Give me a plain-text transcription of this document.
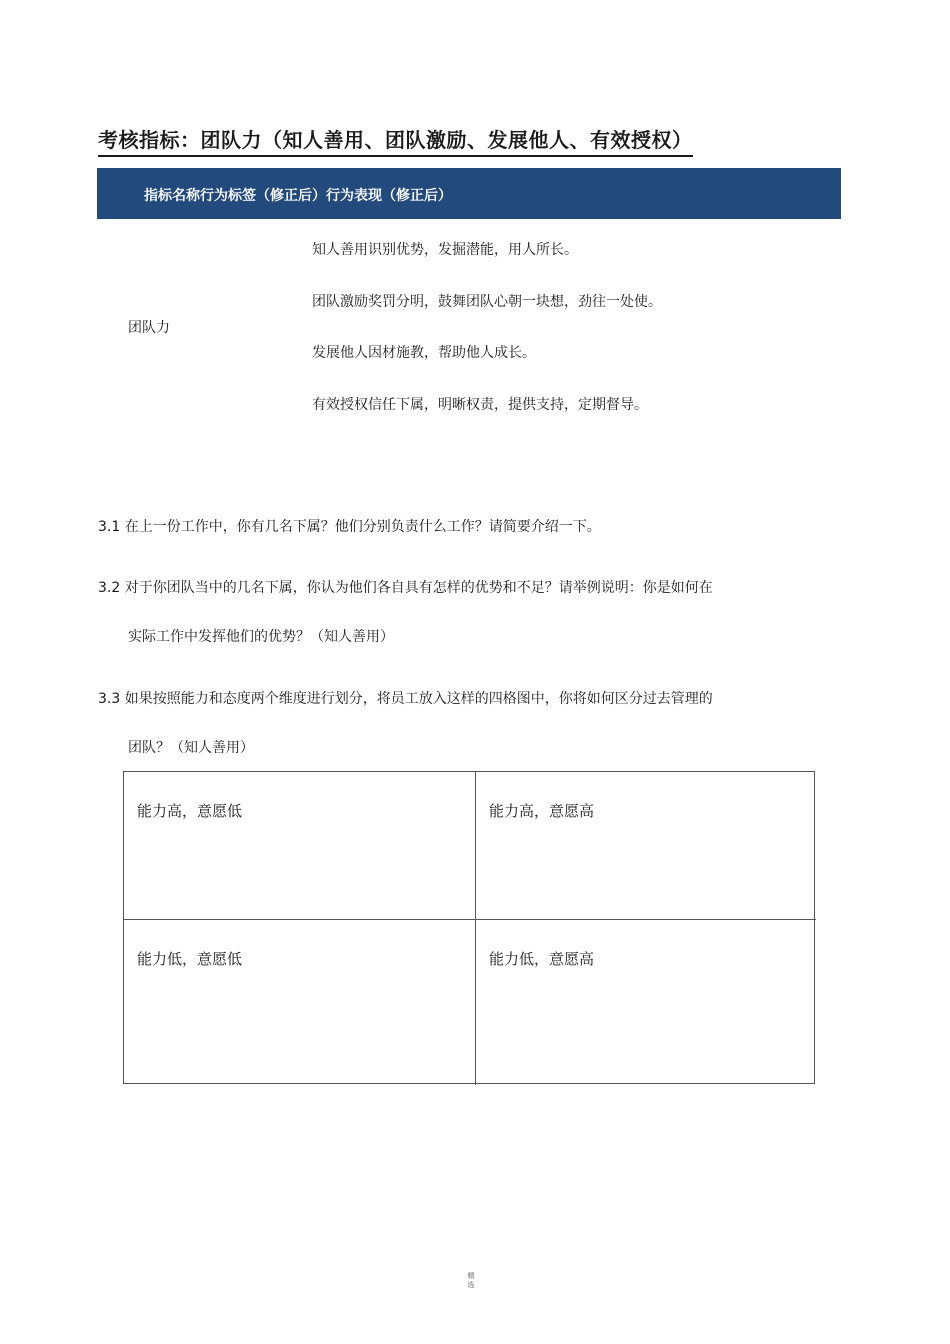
考核指标：团队力（知人善用、团队激励、发展他人、有效授权）
指标名称行为标签（修正后）行为表现（修正后）
团队力
知人善用识别优势，发掘潜能，用人所长。
团队激励奖罚分明，鼓舞团队心朝一块想，劲往一处使。
发展他人因材施教，帮助他人成长。
有效授权信任下属，明晰权责，提供支持，定期督导。
3.1 在上一份工作中，你有几名下属？他们分别负责什么工作？请简要介绍一下。
3.2 对于你团队当中的几名下属，你认为他们各自具有怎样的优势和不足？请举例说明：你是如何在
实际工作中发挥他们的优势？（知人善用）
3.3 如果按照能力和态度两个维度进行划分，将员工放入这样的四格图中，你将如何区分过去管理的
团队？（知人善用）
能力高，意愿低	能力高，意愿高
能力低，意愿低	能力低，意愿高
精
选
